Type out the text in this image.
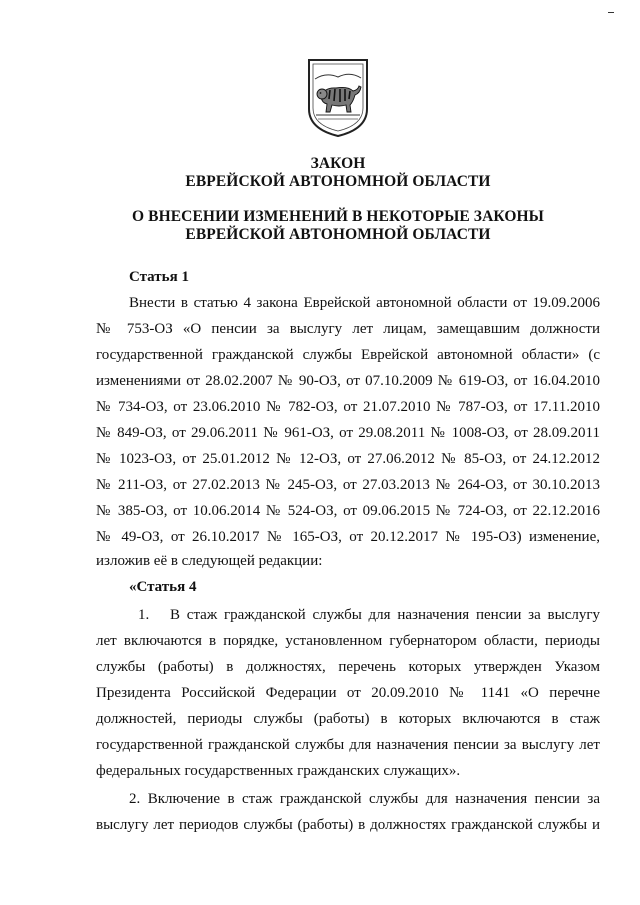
ЗАКОН
ЕВРЕЙСКОЙ АВТОНОМНОЙ ОБЛАСТИ
О ВНЕСЕНИИ ИЗМЕНЕНИЙ В НЕКОТОРЫЕ ЗАКОНЫ
ЕВРЕЙСКОЙ АВТОНОМНОЙ ОБЛАСТИ
Статья 1
Внести в статью 4 закона Еврейской автономной области от 19.09.2006
№ 753-ОЗ «О пенсии за выслугу лет лицам, замещавшим должности
государственной гражданской службы Еврейской автономной области» (с
изменениями от 28.02.2007 № 90-ОЗ, от 07.10.2009 № 619-ОЗ, от 16.04.2010
№ 734-ОЗ, от 23.06.2010 № 782-ОЗ, от 21.07.2010 № 787-ОЗ, от 17.11.2010
№ 849-ОЗ, от 29.06.2011 № 961-ОЗ, от 29.08.2011 № 1008-ОЗ, от 28.09.2011
№ 1023-ОЗ, от 25.01.2012 № 12-ОЗ, от 27.06.2012 № 85-ОЗ, от 24.12.2012
№ 211-ОЗ, от 27.02.2013 № 245-ОЗ, от 27.03.2013 № 264-ОЗ, от 30.10.2013
№ 385-ОЗ, от 10.06.2014 № 524-ОЗ, от 09.06.2015 № 724-ОЗ, от 22.12.2016
№ 49-ОЗ, от 26.10.2017 № 165-ОЗ, от 20.12.2017 № 195-ОЗ) изменение,
изложив её в следующей редакции:
«Статья 4
1. В стаж гражданской службы для назначения пенсии за выслугу
лет включаются в порядке, установленном губернатором области, периоды
службы (работы) в должностях, перечень которых утвержден Указом
Президента Российской Федерации от 20.09.2010 № 1141 «О перечне
должностей, периоды службы (работы) в которых включаются в стаж
государственной гражданской службы для назначения пенсии за выслугу лет
федеральных государственных гражданских служащих».
2. Включение в стаж гражданской службы для назначения пенсии за
выслугу лет периодов службы (работы) в должностях гражданской службы и
